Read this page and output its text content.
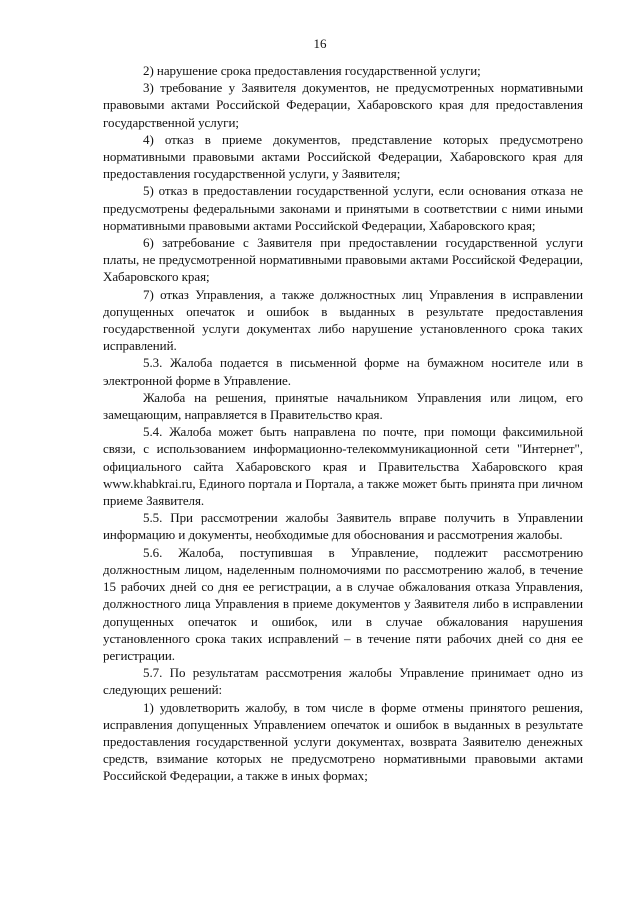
16

2) нарушение срока предоставления государственной услуги;

3) требование у Заявителя документов, не предусмотренных нормативными правовыми актами Российской Федерации, Хабаровского края для предоставления государственной услуги;

4) отказ в приеме документов, представление которых предусмотрено нормативными правовыми актами Российской Федерации, Хабаровского края для предоставления государственной услуги, у Заявителя;

5) отказ в предоставлении государственной услуги, если основания отказа не предусмотрены федеральными законами и принятыми в соответствии с ними иными нормативными правовыми актами Российской Федерации, Хабаровского края;

6) затребование с Заявителя при предоставлении государственной услуги платы, не предусмотренной нормативными правовыми актами Российской Федерации, Хабаровского края;

7) отказ Управления, а также должностных лиц Управления в исправлении допущенных опечаток и ошибок в выданных в результате предоставления государственной услуги документах либо нарушение установленного срока таких исправлений.

5.3. Жалоба подается в письменной форме на бумажном носителе или в электронной форме в Управление.

Жалоба на решения, принятые начальником Управления или лицом, его замещающим, направляется в Правительство края.

5.4. Жалоба может быть направлена по почте, при помощи факсимильной связи, с использованием информационно-телекоммуникационной сети "Интернет", официального сайта Хабаровского края и Правительства Хабаровского края www.khabkrai.ru, Единого портала и Портала, а также может быть принята при личном приеме Заявителя.

5.5. При рассмотрении жалобы Заявитель вправе получить в Управлении информацию и документы, необходимые для обоснования и рассмотрения жалобы.

5.6. Жалоба, поступившая в Управление, подлежит рассмотрению должностным лицом, наделенным полномочиями по рассмотрению жалоб, в течение 15 рабочих дней со дня ее регистрации, а в случае обжалования отказа Управления, должностного лица Управления в приеме документов у Заявителя либо в исправлении допущенных опечаток и ошибок, или в случае обжалования нарушения установленного срока таких исправлений – в течение пяти рабочих дней со дня ее регистрации.

5.7. По результатам рассмотрения жалобы Управление принимает одно из следующих решений:

1) удовлетворить жалобу, в том числе в форме отмены принятого решения, исправления допущенных Управлением опечаток и ошибок в выданных в результате предоставления государственной услуги документах, возврата Заявителю денежных средств, взимание которых не предусмотрено нормативными правовыми актами Российской Федерации, а также в иных формах;
